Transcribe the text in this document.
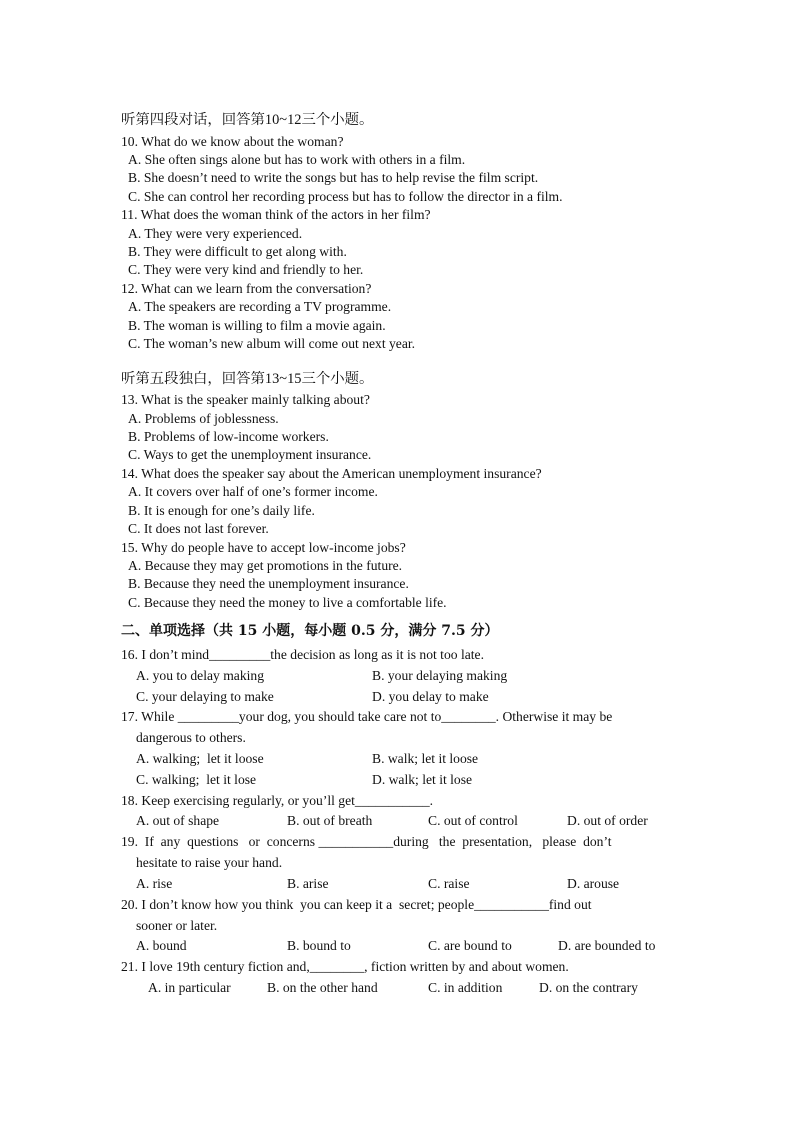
听第四段对话，回答第10~12三个小题。
10. What do we know about the woman?
A. She often sings alone but has to work with others in a film.
B. She doesn’t need to write the songs but has to help revise the film script.
C. She can control her recording process but has to follow the director in a film.
11. What does the woman think of the actors in her film?
A. They were very experienced.
B. They were difficult to get along with.
C. They were very kind and friendly to her.
12. What can we learn from the conversation?
A. The speakers are recording a TV programme.
B. The woman is willing to film a movie again.
C. The woman’s new album will come out next year.
听第五段独白，回答第13~15三个小题。
13. What is the speaker mainly talking about?
A. Problems of joblessness.
B. Problems of low-income workers.
C. Ways to get the unemployment insurance.
14. What does the speaker say about the American unemployment insurance?
A. It covers over half of one’s former income.
B. It is enough for one’s daily life.
C. It does not last forever.
15. Why do people have to accept low-income jobs?
A. Because they may get promotions in the future.
B. Because they need the unemployment insurance.
C. Because they need the money to live a comfortable life.
二、单项选择（共 15 小题，每小题 0.5 分，满分 7.5 分）
16. I don’t mind_________the decision as long as it is not too late.
A. you to delay making	B. your delaying making
C. your delaying to make	D. you delay to make
17. While _________your dog, you should take care not to________. Otherwise it may be
dangerous to others.
A. walking;  let it loose	B. walk; let it loose
C. walking;  let it lose	D. walk; let it lose
18. Keep exercising regularly, or you’ll get___________.
A. out of shape	B. out of breath	C. out of control	D. out of order
19.  If  any  questions   or  concerns ___________during   the  presentation,   please  don’t
hesitate to raise your hand.
A. rise	B. arise	C. raise	D. arouse
20. I don’t know how you think  you can keep it a  secret; people___________find out
sooner or later.
A. bound	B. bound to	C. are bound to	D. are bounded to
21. I love 19th century fiction and,________, fiction written by and about women.
A. in particular	B. on the other hand	C. in addition	D. on the contrary
